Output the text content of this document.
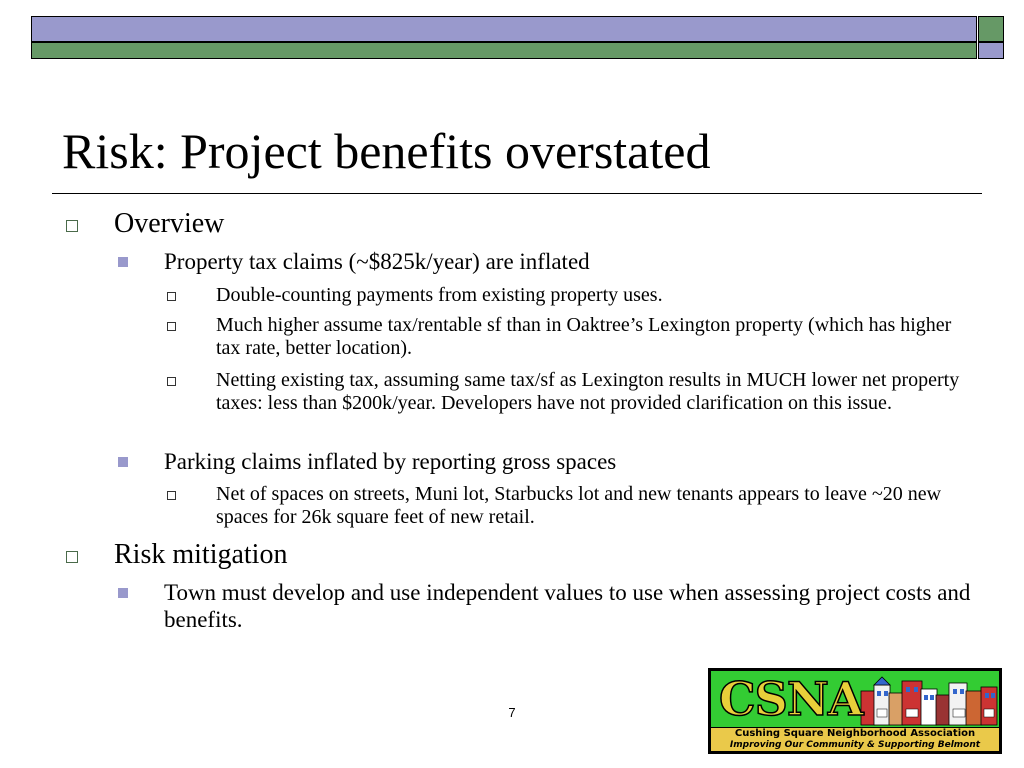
Risk: Project benefits overstated
Overview
Property tax claims (~$825k/year) are inflated
Double-counting payments from existing property uses.
Much higher assume tax/rentable sf than in Oaktree’s Lexington property (which has higher tax rate, better location).
Netting existing tax, assuming same tax/sf as Lexington results in MUCH lower net property taxes: less than $200k/year. Developers have not provided clarification on this issue.
Parking claims inflated by reporting gross spaces
Net of spaces on streets, Muni lot, Starbucks lot and new tenants appears to leave ~20 new spaces for 26k square feet of new retail.
Risk mitigation
Town must develop and use independent values to use when assessing project costs and benefits.
7	CSNA
Cushing Square Neighborhood Association
Improving Our Community & Supporting Belmont
